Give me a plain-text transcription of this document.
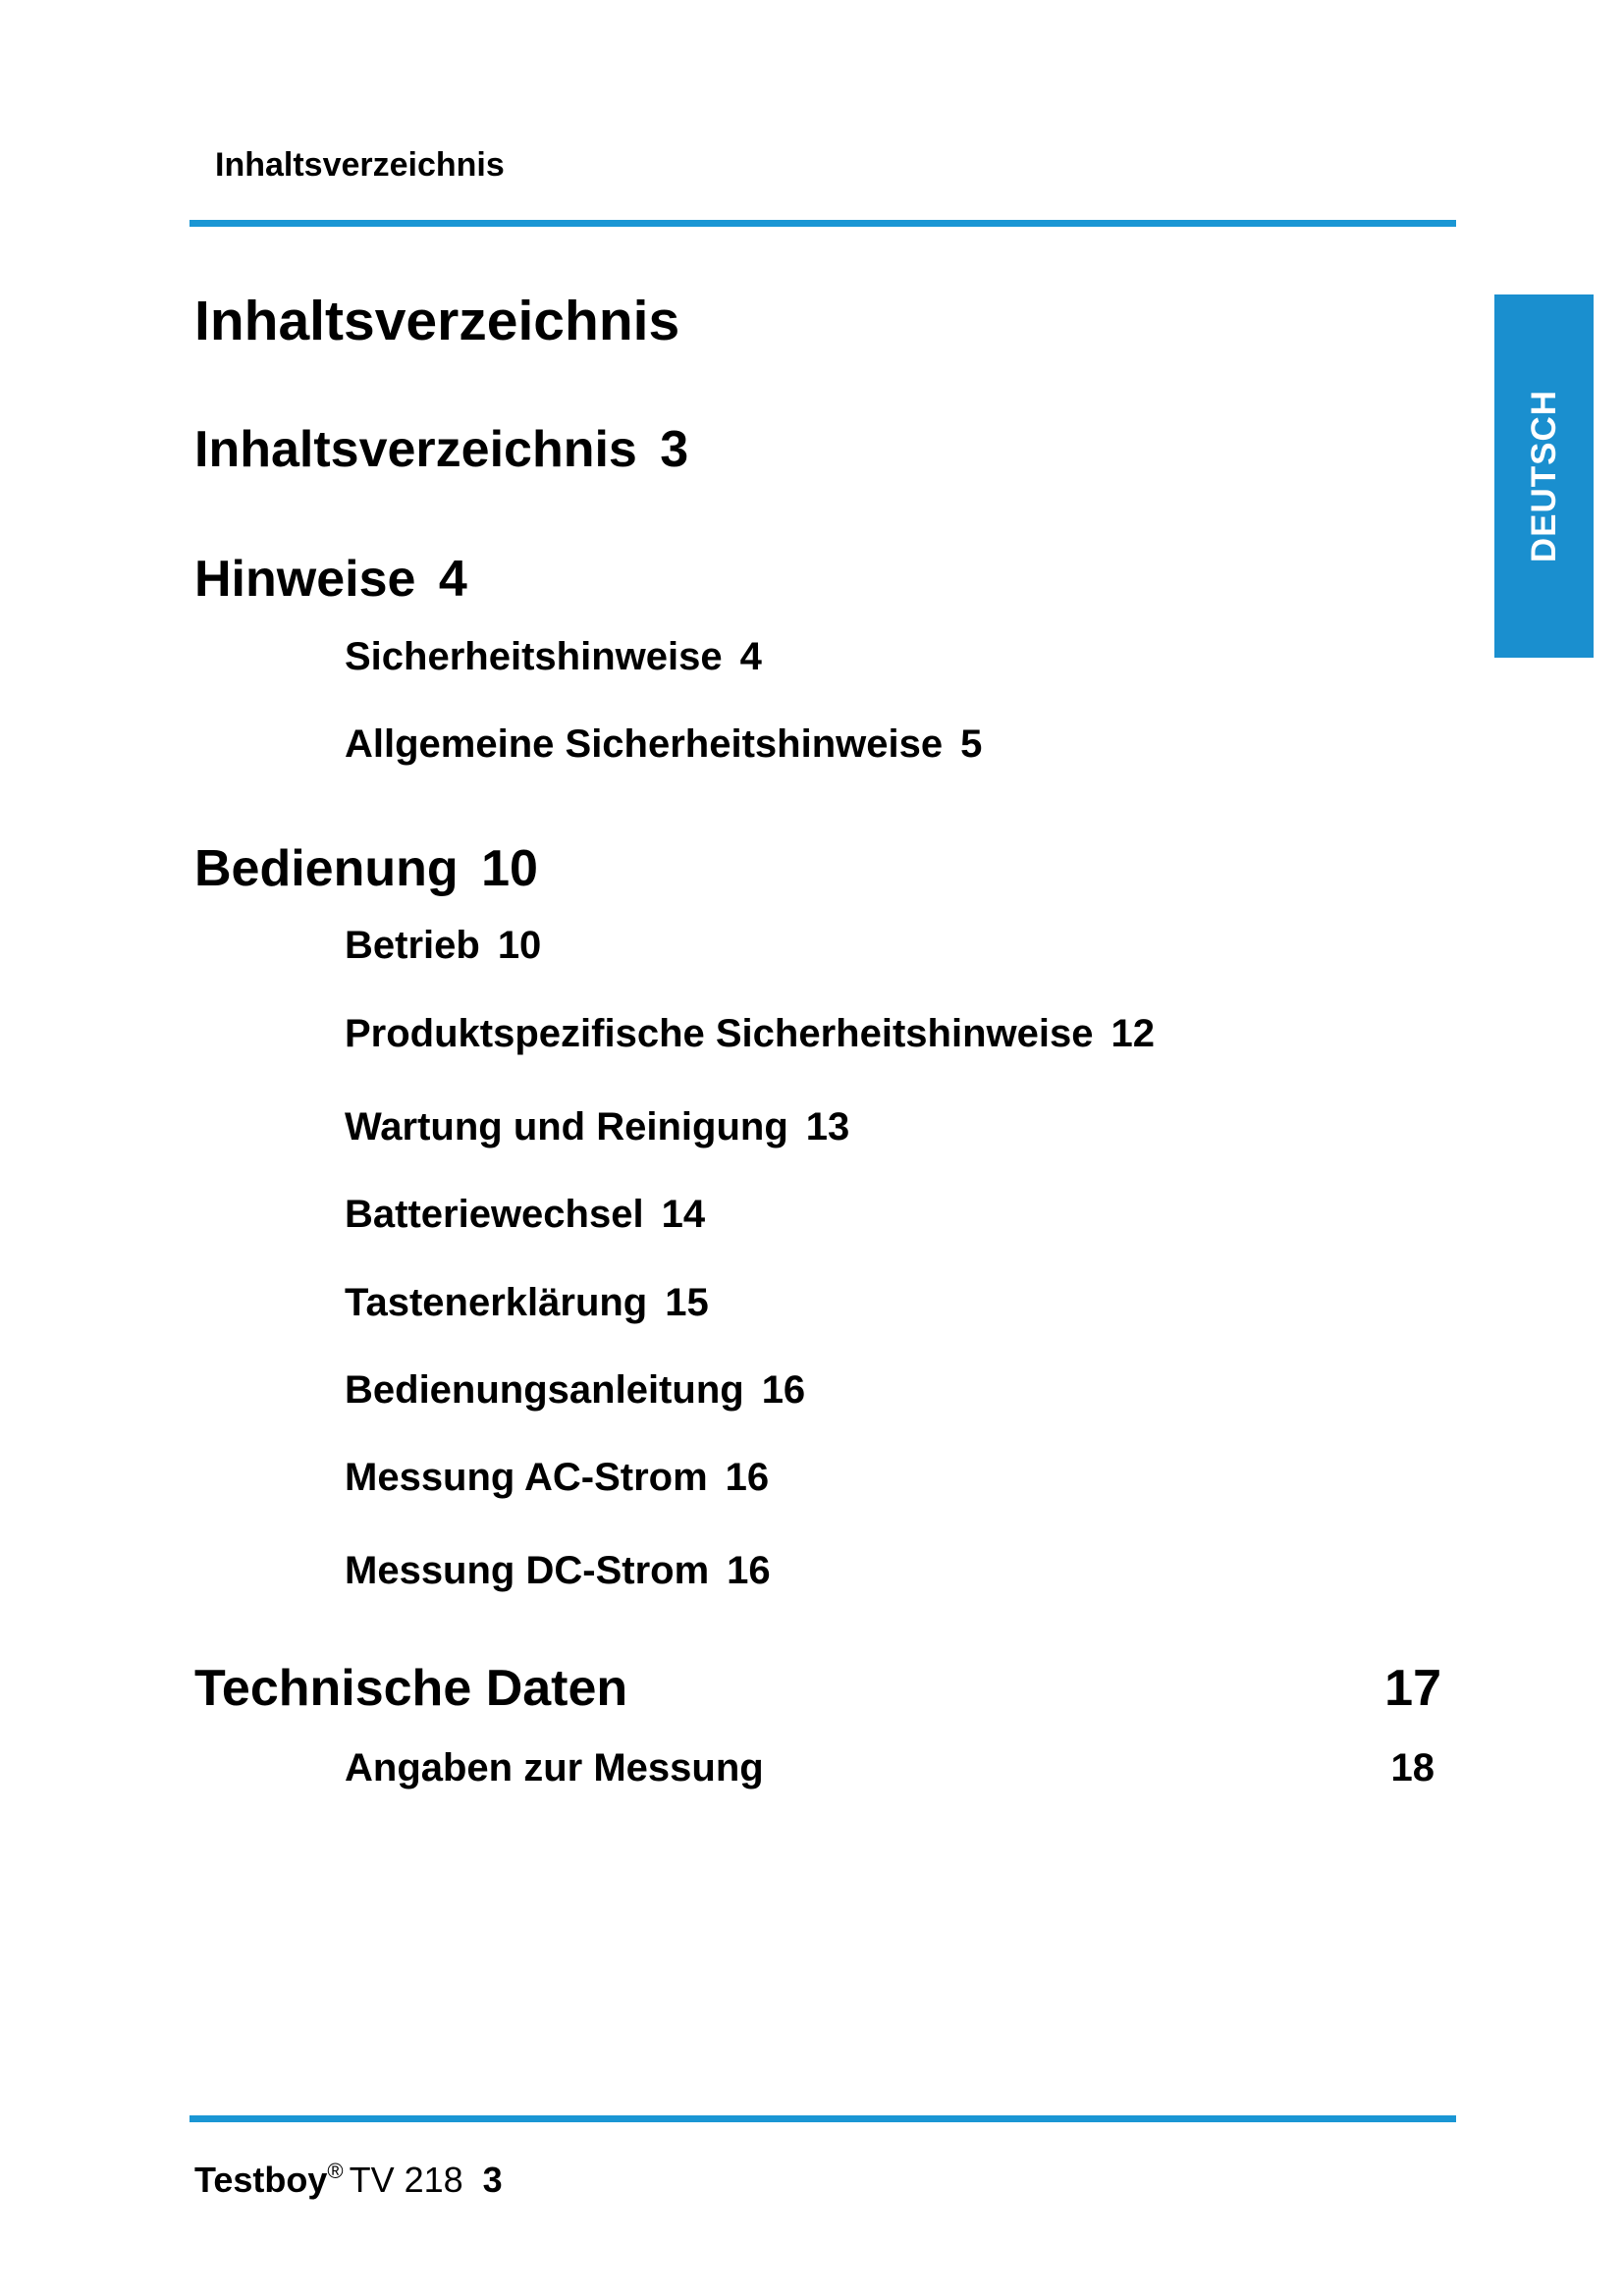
Inhaltsverzeichnis
DEUTSCH
Inhaltsverzeichnis
Inhaltsverzeichnis 3
Hinweise 4
Sicherheitshinweise 4
Allgemeine Sicherheitshinweise 5
Bedienung 10
Betrieb 10
Produktspezifische Sicherheitshinweise 12
Wartung und Reinigung 13
Batteriewechsel 14
Tastenerklärung 15
Bedienungsanleitung 16
Messung AC-Strom 16
Messung DC-Strom 16
Technische Daten	17
Angaben zur Messung	18
Testboy® TV 218 3
